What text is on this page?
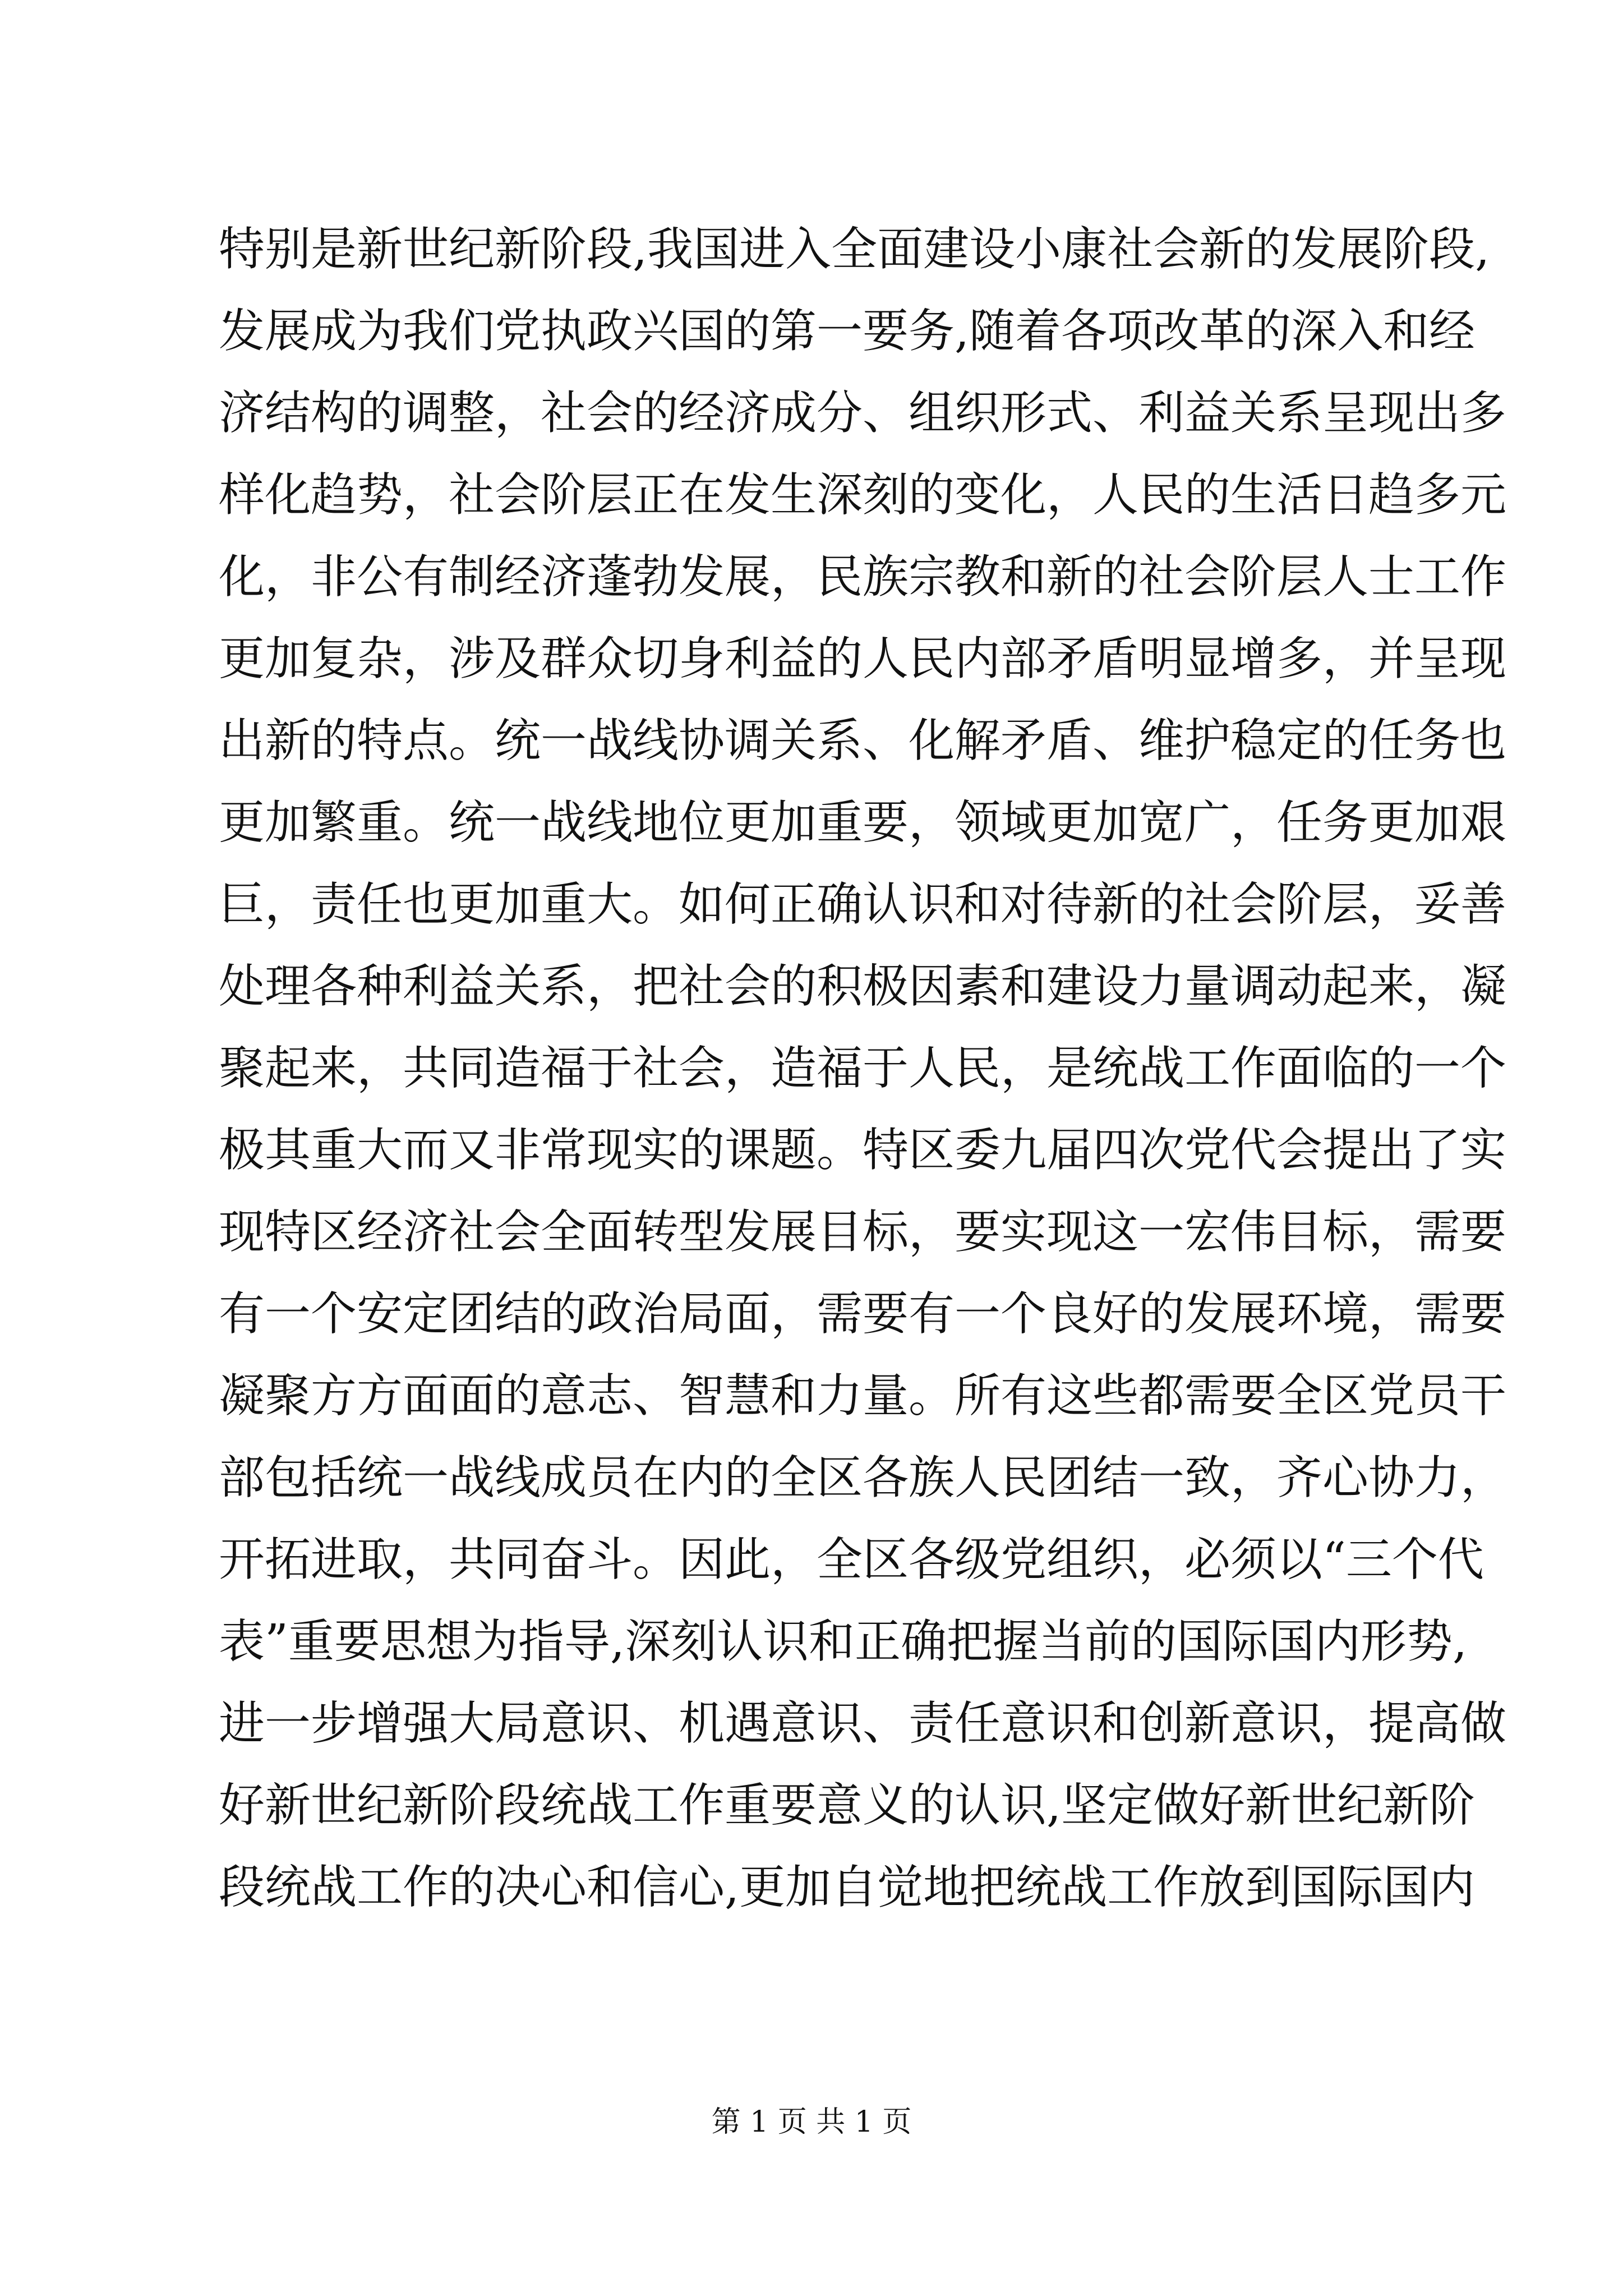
特别是新世纪新阶段,我国进入全面建设小康社会新的发展阶段,
发展成为我们党执政兴国的第一要务,随着各项改革的深入和经
济结构的调整，社会的经济成分、组织形式、利益关系呈现出多
样化趋势，社会阶层正在发生深刻的变化，人民的生活日趋多元
化，非公有制经济蓬勃发展，民族宗教和新的社会阶层人士工作
更加复杂，涉及群众切身利益的人民内部矛盾明显增多，并呈现
出新的特点。统一战线协调关系、化解矛盾、维护稳定的任务也
更加繁重。统一战线地位更加重要，领域更加宽广，任务更加艰
巨，责任也更加重大。如何正确认识和对待新的社会阶层，妥善
处理各种利益关系，把社会的积极因素和建设力量调动起来，凝
聚起来，共同造福于社会，造福于人民，是统战工作面临的一个
极其重大而又非常现实的课题。特区委九届四次党代会提出了实
现特区经济社会全面转型发展目标，要实现这一宏伟目标，需要
有一个安定团结的政治局面，需要有一个良好的发展环境，需要
凝聚方方面面的意志、智慧和力量。所有这些都需要全区党员干
部包括统一战线成员在内的全区各族人民团结一致，齐心协力，
开拓进取，共同奋斗。因此，全区各级党组织，必须以“三个代
表”重要思想为指导,深刻认识和正确把握当前的国际国内形势,
进一步增强大局意识、机遇意识、责任意识和创新意识，提高做
好新世纪新阶段统战工作重要意义的认识,坚定做好新世纪新阶
段统战工作的决心和信心,更加自觉地把统战工作放到国际国内
第 1 页 共 1 页
